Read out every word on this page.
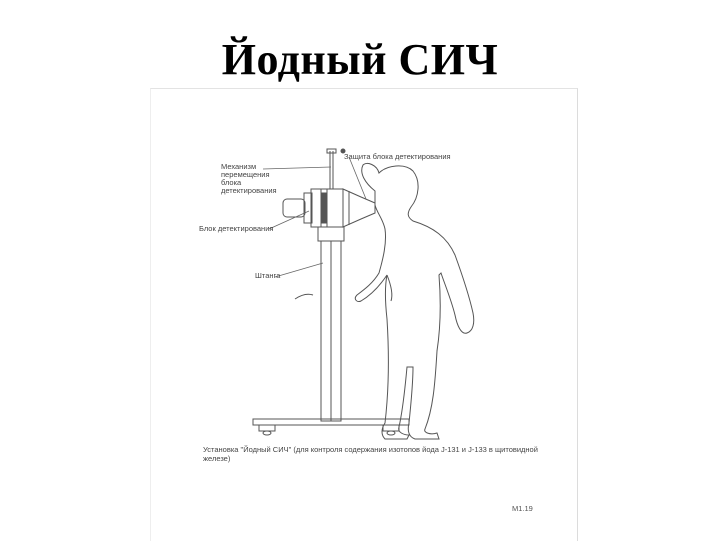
Йодный СИЧ
Механизм перемещения блока детектирования
Защита блока детектирования
Блок детектирования
Штанга
Установка "Йодный СИЧ" (для контроля содержания изотопов йода J-131 и J-133 в щитовидной железе)
М1.19
